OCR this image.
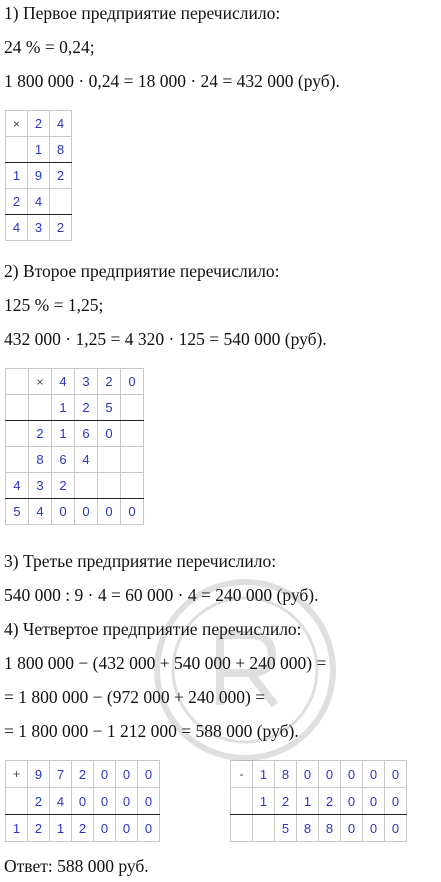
1) Первое предприятие перечислило:
24 % = 0,24;
1 800 000 · 0,24 = 18 000 · 24 = 432 000 (руб).
×	2	4
	1	8
1	9	2
2	4	
4	3	2
2) Второе предприятие перечислило:
125 % = 1,25;
432 000 · 1,25 = 4 320 · 125 = 540 000 (руб).
	×	4	3	2	0
		1	2	5	
	2	1	6	0	
	8	6	4		
4	3	2			
5	4	0	0	0	0
3) Третье предприятие перечислило:
540 000 : 9 · 4 = 60 000 · 4 = 240 000 (руб).
4) Четвертое предприятие перечислило:
1 800 000 − (432 000 + 540 000 + 240 000) =
= 1 800 000 − (972 000 + 240 000) =
= 1 800 000 − 1 212 000 = 588 000 (руб).
+	9	7	2	0	0	0
	2	4	0	0	0	0
1	2	1	2	0	0	0
-	1	8	0	0	0	0	0
	1	2	1	2	0	0	0
		5	8	8	0	0	0
Ответ: 588 000 руб.
